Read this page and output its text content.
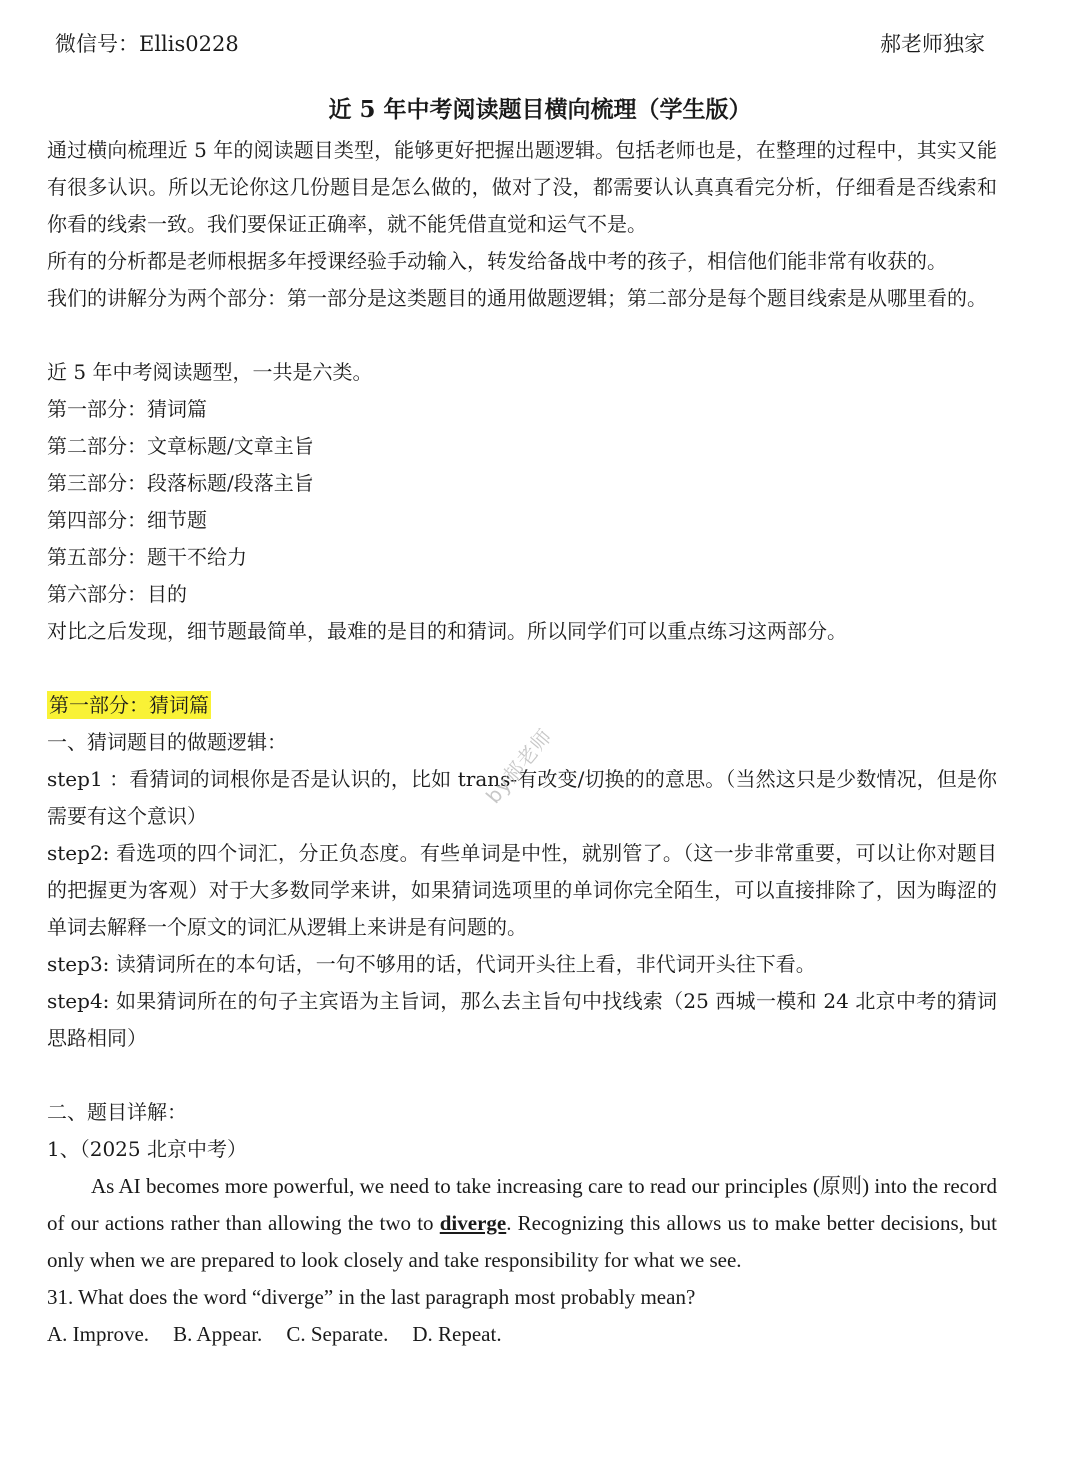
微信号：Ellis0228	郝老师独家
近 5 年中考阅读题目横向梳理（学生版）

通过横向梳理近 5 年的阅读题目类型，能够更好把握出题逻辑。包括老师也是，在整理的过程中，其实又能有很多认识。所以无论你这几份题目是怎么做的，做对了没，都需要认认真真看完分析，仔细看是否线索和你看的线索一致。我们要保证正确率，就不能凭借直觉和运气不是。

所有的分析都是老师根据多年授课经验手动输入，转发给备战中考的孩子，相信他们能非常有收获的。

我们的讲解分为两个部分：第一部分是这类题目的通用做题逻辑；第二部分是每个题目线索是从哪里看的。

近 5 年中考阅读题型，一共是六类。

第一部分：猜词篇

第二部分：文章标题/文章主旨

第三部分：段落标题/段落主旨

第四部分：细节题

第五部分：题干不给力

第六部分：目的

对比之后发现，细节题最简单，最难的是目的和猜词。所以同学们可以重点练习这两部分。

第一部分：猜词篇

一、猜词题目的做题逻辑：

step1 ：看猜词的词根你是否是认识的，比如 trans-有改变/切换的的意思。（当然这只是少数情况，但是你需要有这个意识）

step2: 看选项的四个词汇，分正负态度。有些单词是中性，就别管了。（这一步非常重要，可以让你对题目的把握更为客观）对于大多数同学来讲，如果猜词选项里的单词你完全陌生，可以直接排除了，因为晦涩的单词去解释一个原文的词汇从逻辑上来讲是有问题的。

step3: 读猜词所在的本句话，一句不够用的话，代词开头往上看，非代词开头往下看。

step4: 如果猜词所在的句子主宾语为主旨词，那么去主旨句中找线索（25 西城一模和 24 北京中考的猜词思路相同）

二、题目详解：

1、（2025 北京中考）

As AI becomes more powerful, we need to take increasing care to read our principles (原则) into the record of our actions rather than allowing the two to diverge. Recognizing this allows us to make better decisions, but only when we are prepared to look closely and take responsibility for what we see.

31. What does the word “diverge” in the last paragraph most probably mean?

A. Improve. B. Appear. C. Separate. D. Repeat.

by郝老师
